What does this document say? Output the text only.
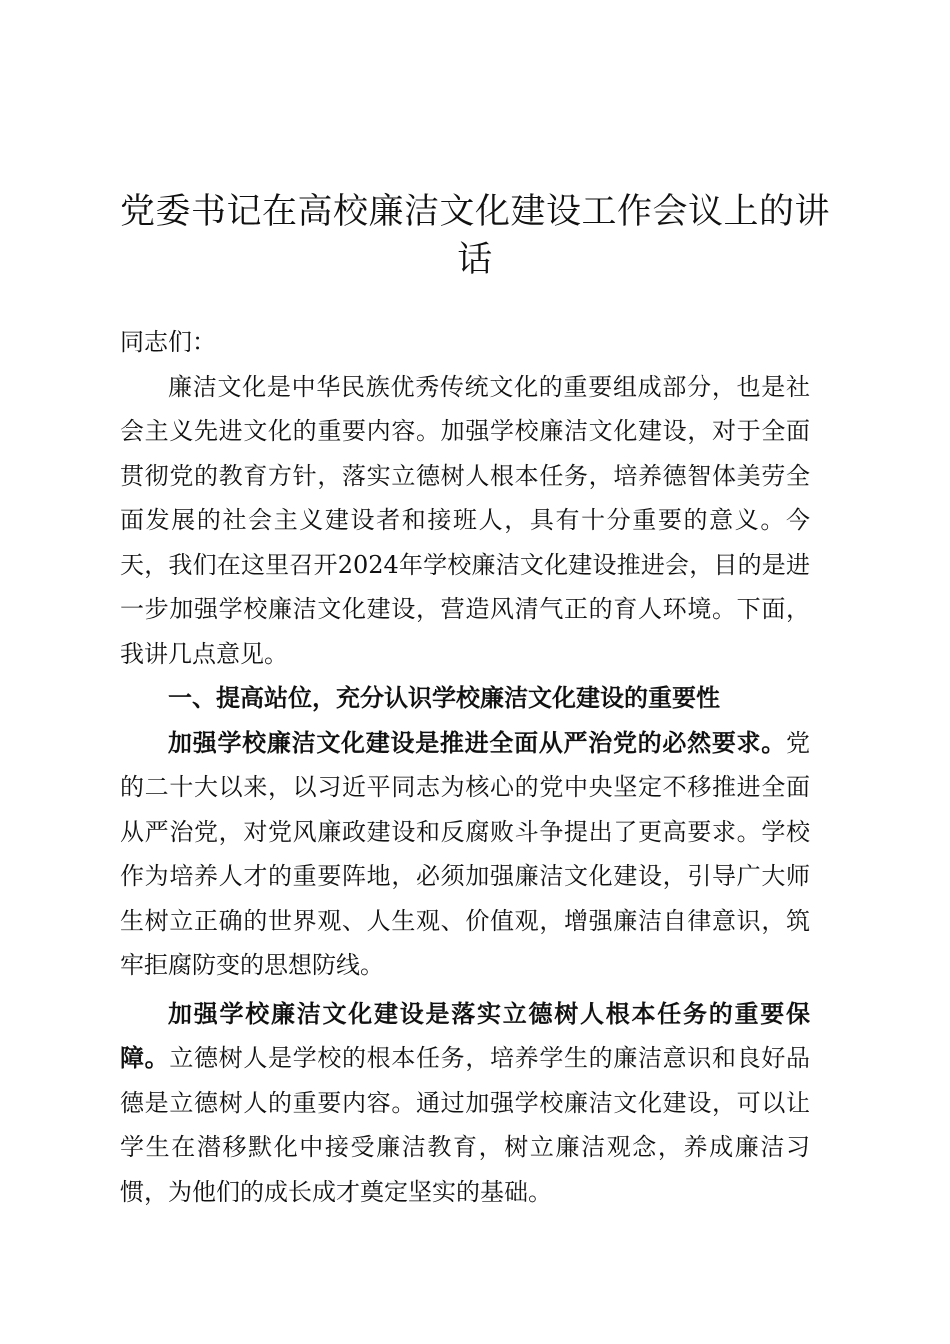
党委书记在高校廉洁文化建设工作会议上的讲话

同志们：

廉洁文化是中华民族优秀传统文化的重要组成部分，也是社会主义先进文化的重要内容。加强学校廉洁文化建设，对于全面贯彻党的教育方针，落实立德树人根本任务，培养德智体美劳全面发展的社会主义建设者和接班人，具有十分重要的意义。今天，我们在这里召开2024年学校廉洁文化建设推进会，目的是进一步加强学校廉洁文化建设，营造风清气正的育人环境。下面，我讲几点意见。

一、提高站位，充分认识学校廉洁文化建设的重要性

加强学校廉洁文化建设是推进全面从严治党的必然要求。党的二十大以来，以习近平同志为核心的党中央坚定不移推进全面从严治党，对党风廉政建设和反腐败斗争提出了更高要求。学校作为培养人才的重要阵地，必须加强廉洁文化建设，引导广大师生树立正确的世界观、人生观、价值观，增强廉洁自律意识，筑牢拒腐防变的思想防线。

加强学校廉洁文化建设是落实立德树人根本任务的重要保障。立德树人是学校的根本任务，培养学生的廉洁意识和良好品德是立德树人的重要内容。通过加强学校廉洁文化建设，可以让学生在潜移默化中接受廉洁教育，树立廉洁观念，养成廉洁习惯，为他们的成长成才奠定坚实的基础。
